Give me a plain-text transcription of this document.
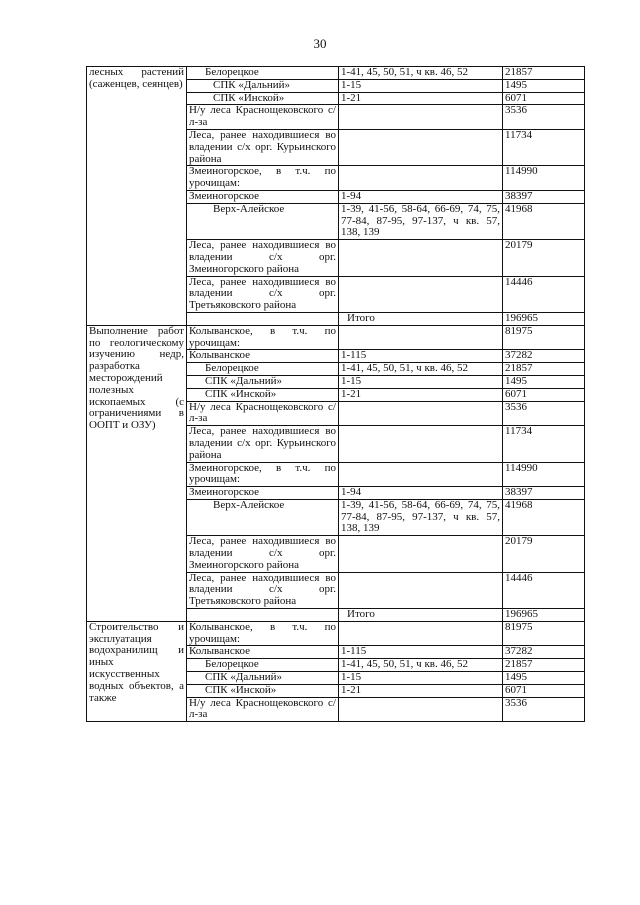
30
лесных растений (саженцев, сеянцев)	Белорецкое	1-41, 45, 50, 51, ч кв. 46, 52	21857
	СПК «Дальний»	1-15	1495
	СПК «Инской»	1-21	6071
	Н/у леса Краснощековского с/л-за		3536
	Леса, ранее находившиеся во владении с/х орг. Курьинского района		11734
	Змеиногорское, в т.ч. по урочищам:		114990
	Змеиногорское	1-94	38397
	Верх-Алейское	1-39, 41-56, 58-64, 66-69, 74, 75, 77-84, 87-95, 97-137, ч кв. 57, 138, 139	41968
	Леса, ранее находившиеся во владении с/х орг. Змеиногорского района		20179
	Леса, ранее находившиеся во владении с/х орг. Третьяковского района		14446
		Итого	196965
Выполнение работ по геологическому изучению недр, разработка месторождений полезных ископаемых (с ограничениями в ООПТ и ОЗУ)	Колыванское, в т.ч. по урочищам:		81975
	Колыванское	1-115	37282
	Белорецкое	1-41, 45, 50, 51, ч кв. 46, 52	21857
	СПК «Дальний»	1-15	1495
	СПК «Инской»	1-21	6071
	Н/у леса Краснощековского с/л-за		3536
	Леса, ранее находившиеся во владении с/х орг. Курьинского района		11734
	Змеиногорское, в т.ч. по урочищам:		114990
	Змеиногорское	1-94	38397
	Верх-Алейское	1-39, 41-56, 58-64, 66-69, 74, 75, 77-84, 87-95, 97-137, ч кв. 57, 138, 139	41968
	Леса, ранее находившиеся во владении с/х орг. Змеиногорского района		20179
	Леса, ранее находившиеся во владении с/х орг. Третьяковского района		14446
		Итого	196965
Строительство и эксплуатация водохранилищ и иных искусственных водных объектов, а также	Колыванское, в т.ч. по урочищам:		81975
	Колыванское	1-115	37282
	Белорецкое	1-41, 45, 50, 51, ч кв. 46, 52	21857
	СПК «Дальний»	1-15	1495
	СПК «Инской»	1-21	6071
	Н/у леса Краснощековского с/л-за		3536
